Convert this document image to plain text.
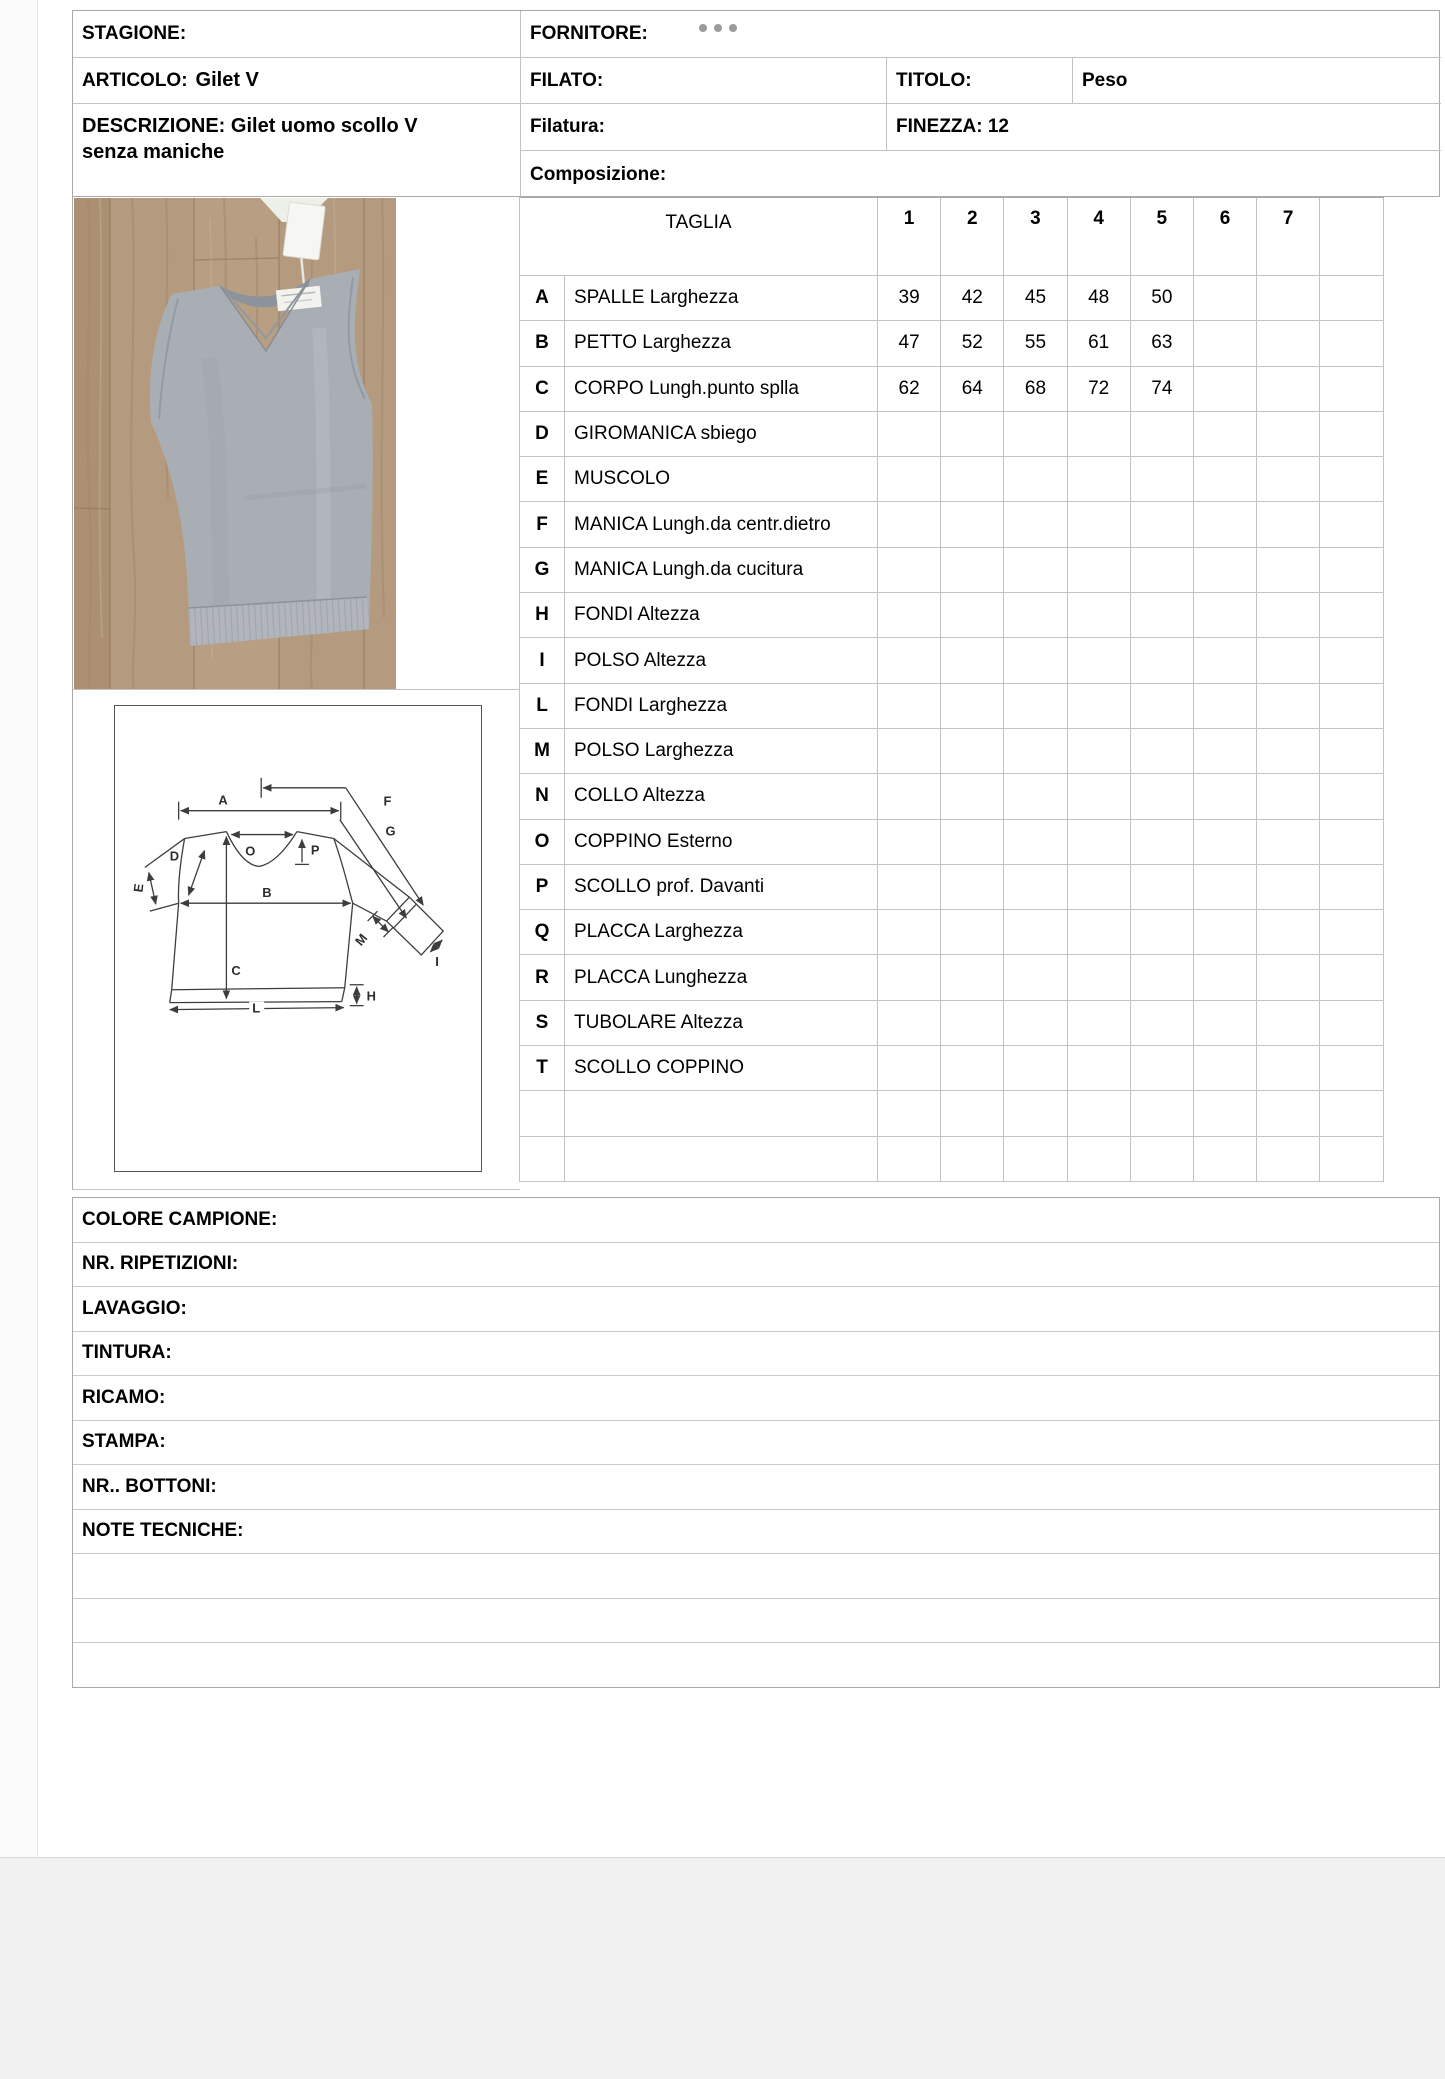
STAGIONE:	FORNITORE:
ARTICOLO: Gilet V	FILATO:	TITOLO:	Peso
DESCRIZIONE: Gilet uomo scollo V senza maniche
Filatura:	FINEZZA: 12
Composizione:
A	F
G
O	P
D
E	B
C
H
L
M
I
TAGLIA	1	2	3	4	5	6	7
A	SPALLE Larghezza	39	42	45	48	50
B	PETTO Larghezza	47	52	55	61	63
C	CORPO Lungh.punto splla	62	64	68	72	74
D	GIROMANICA sbiego
E	MUSCOLO
F	MANICA Lungh.da centr.dietro
G	MANICA Lungh.da cucitura
H	FONDI Altezza
I	POLSO Altezza
L	FONDI Larghezza
M	POLSO Larghezza
N	COLLO Altezza
O	COPPINO Esterno
P	SCOLLO prof. Davanti
Q	PLACCA Larghezza
R	PLACCA Lunghezza
S	TUBOLARE Altezza
T	SCOLLO COPPINO
COLORE CAMPIONE:
NR. RIPETIZIONI:
LAVAGGIO:
TINTURA:
RICAMO:
STAMPA:
NR.. BOTTONI:
NOTE TECNICHE:
